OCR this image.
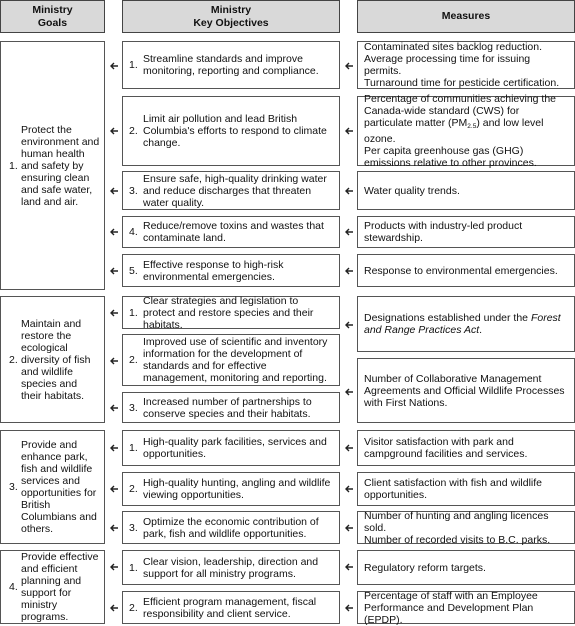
Ministry
Goals
Ministry
Key Objectives
Measures
1.
Protect the environment and human health and safety by ensuring clean and safe water, land and air.
2.
Maintain and restore the ecological diversity of fish and wildlife species and their habitats.
3.
Provide and enhance park, fish and wildlife services and opportunities for British Columbians and others.
4.
Provide effective and efficient planning and support for ministry programs.
1. Streamline standards and improve monitoring, reporting and compliance.
2.
Limit air pollution and lead British Columbia's efforts to respond to climate change.
3.
Ensure safe, high-quality drinking water and reduce discharges that threaten water quality.
4. Reduce/remove toxins and wastes that contaminate land.
5. Effective response to high-risk environmental emergencies.
1.
Clear strategies and legislation to protect and restore species and their habitats.
2.
Improved use of scientific and inventory information for the development of standards and for effective management, monitoring and reporting.
3. Increased number of partnerships to conserve species and their habitats.
1. High-quality park facilities, services and opportunities.
2. High-quality hunting, angling and wildlife viewing opportunities.
3. Optimize the economic contribution of park, fish and wildlife opportunities.
1. Clear vision, leadership, direction and support for all ministry programs.
2. Efficient program management, fiscal responsibility and client service.
Contaminated sites backlog reduction.
Average processing time for issuing permits.
Turnaround time for pesticide certification.
Percentage of communities achieving the Canada-wide standard (CWS) for particulate matter $(PM_{2.5})$ and low level ozone.
Per capita greenhouse gas (GHG) emissions relative to other provinces.
Water quality trends.
Products with industry-led product stewardship.
Response to environmental emergencies.
Designations established under the Forest and Range Practices Act.
Number of Collaborative Management Agreements and Official Wildlife Processes with First Nations.
Visitor satisfaction with park and campground facilities and services.
Client satisfaction with fish and wildlife opportunities.
Number of hunting and angling licences sold.
Number of recorded visits to B.C. parks.
Regulatory reform targets.
Percentage of staff with an Employee Performance and Development Plan (EPDP).
